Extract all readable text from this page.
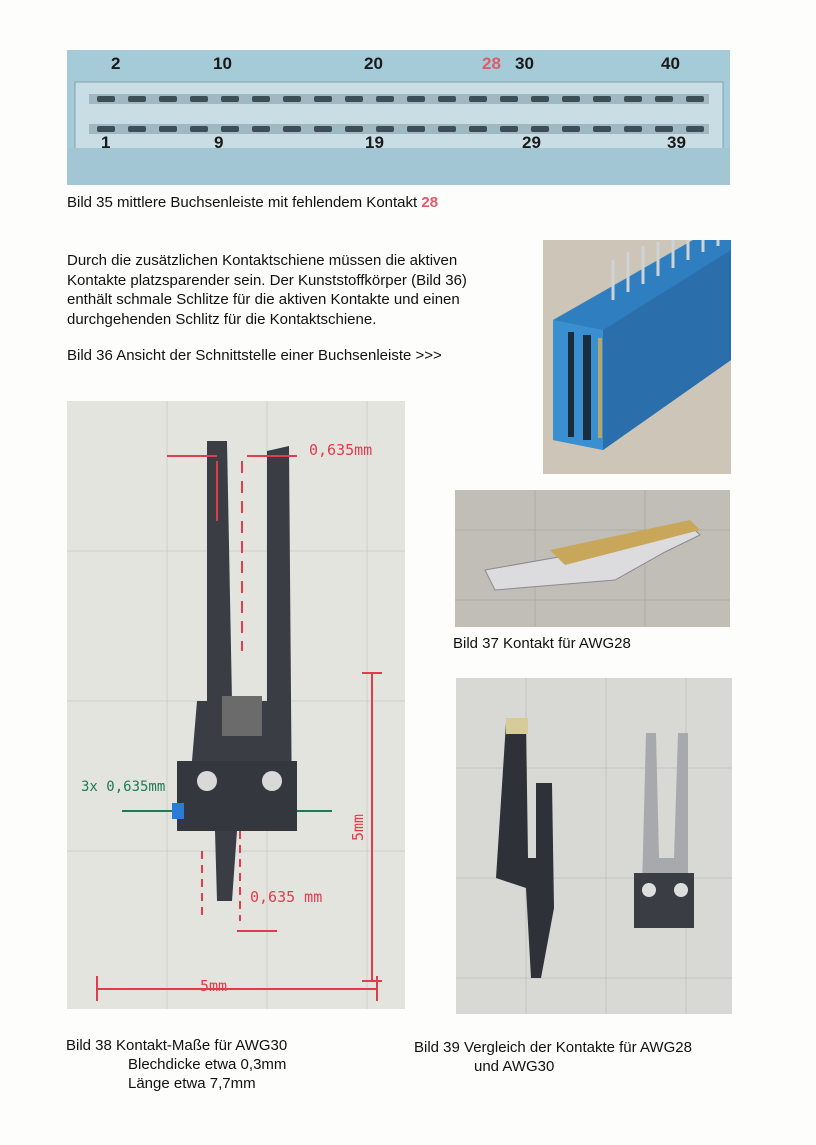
2	10	20	28 30	40
1	9	19	29	39
Bild 35 mittlere Buchsenleiste mit fehlendem Kontakt 28
Durch die zusätzlichen Kontaktschiene müssen die aktiven
Kontakte platzsparender sein. Der Kunststoffkörper (Bild 36)
enthält schmale Schlitze für die aktiven Kontakte und einen
durchgehenden Schlitz für die Kontaktschiene.
Bild 36 Ansicht der Schnittstelle einer Buchsenleiste >>>
0,635mm
3x 0,635mm
5mm
0,635 mm
5mm
Bild 37 Kontakt für AWG28
Bild 38 Kontakt-Maße für AWG30
Blechdicke etwa 0,3mm
Länge etwa 7,7mm
Bild 39 Vergleich der Kontakte für AWG28
und AWG30
